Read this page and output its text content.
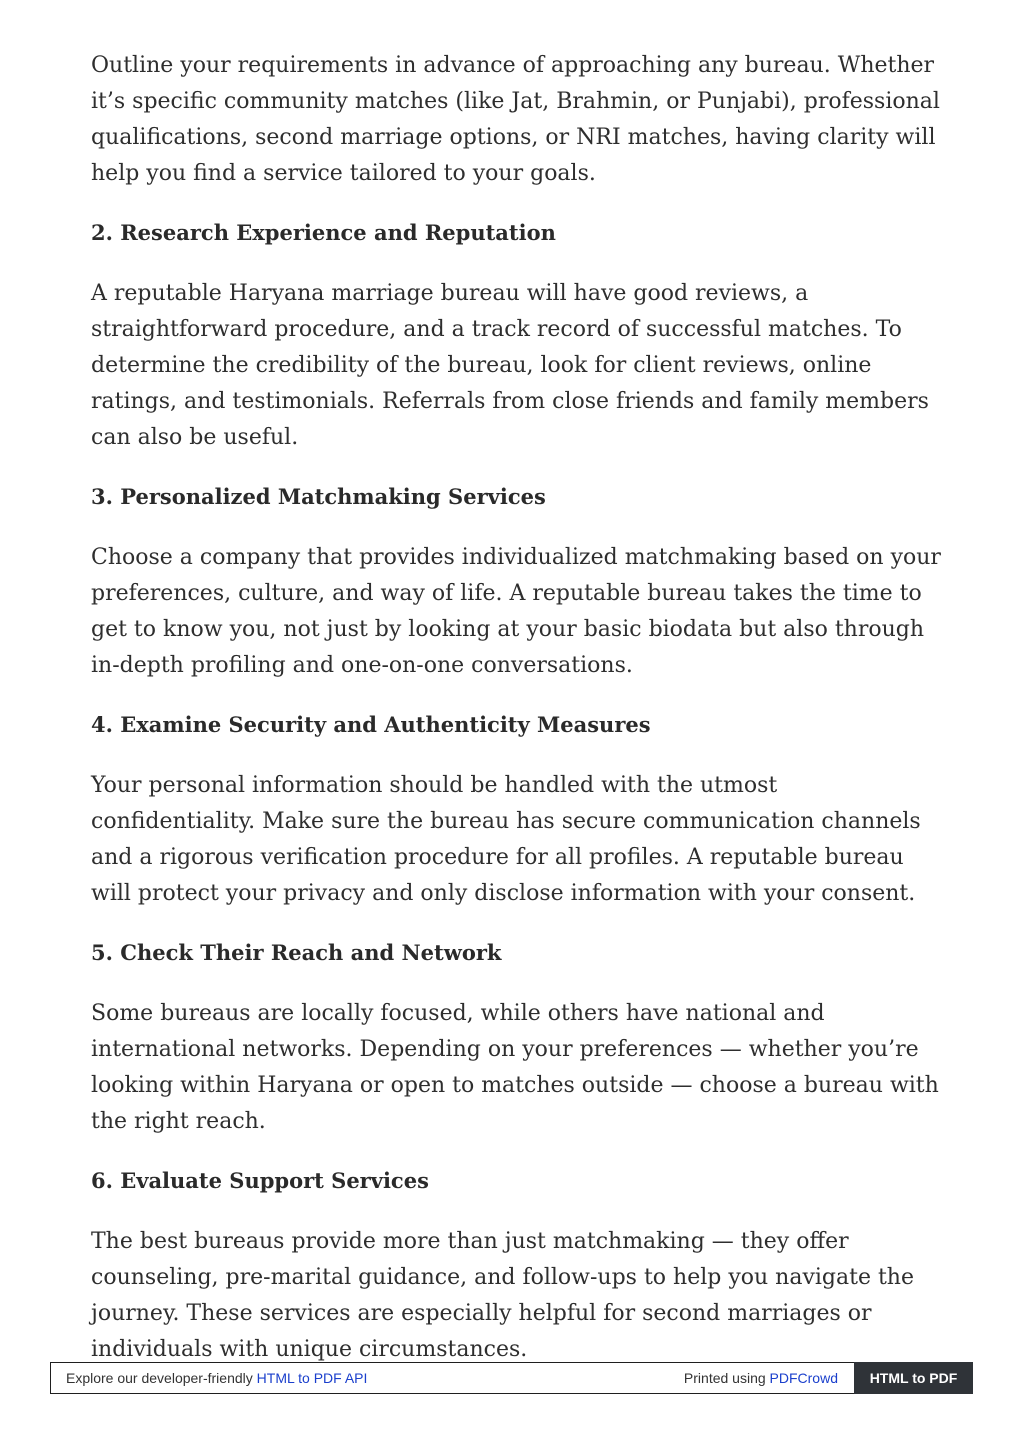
Outline your requirements in advance of approaching any bureau. Whether it’s specific community matches (like Jat, Brahmin, or Punjabi), professional qualifications, second marriage options, or NRI matches, having clarity will help you find a service tailored to your goals.

2. Research Experience and Reputation

A reputable Haryana marriage bureau will have good reviews, a straightforward procedure, and a track record of successful matches. To determine the credibility of the bureau, look for client reviews, online ratings, and testimonials. Referrals from close friends and family members can also be useful.

3. Personalized Matchmaking Services

Choose a company that provides individualized matchmaking based on your preferences, culture, and way of life. A reputable bureau takes the time to get to know you, not just by looking at your basic biodata but also through in-depth profiling and one-on-one conversations.

4. Examine Security and Authenticity Measures

Your personal information should be handled with the utmost confidentiality. Make sure the bureau has secure communication channels and a rigorous verification procedure for all profiles. A reputable bureau will protect your privacy and only disclose information with your consent.

5. Check Their Reach and Network

Some bureaus are locally focused, while others have national and international networks. Depending on your preferences — whether you’re looking within Haryana or open to matches outside — choose a bureau with the right reach.

6. Evaluate Support Services

The best bureaus provide more than just matchmaking — they offer counseling, pre-marital guidance, and follow-ups to help you navigate the journey. These services are especially helpful for second marriages or individuals with unique circumstances.

Explore our developer-friendly HTML to PDF API	Printed using PDFCrowd	HTML to PDF
